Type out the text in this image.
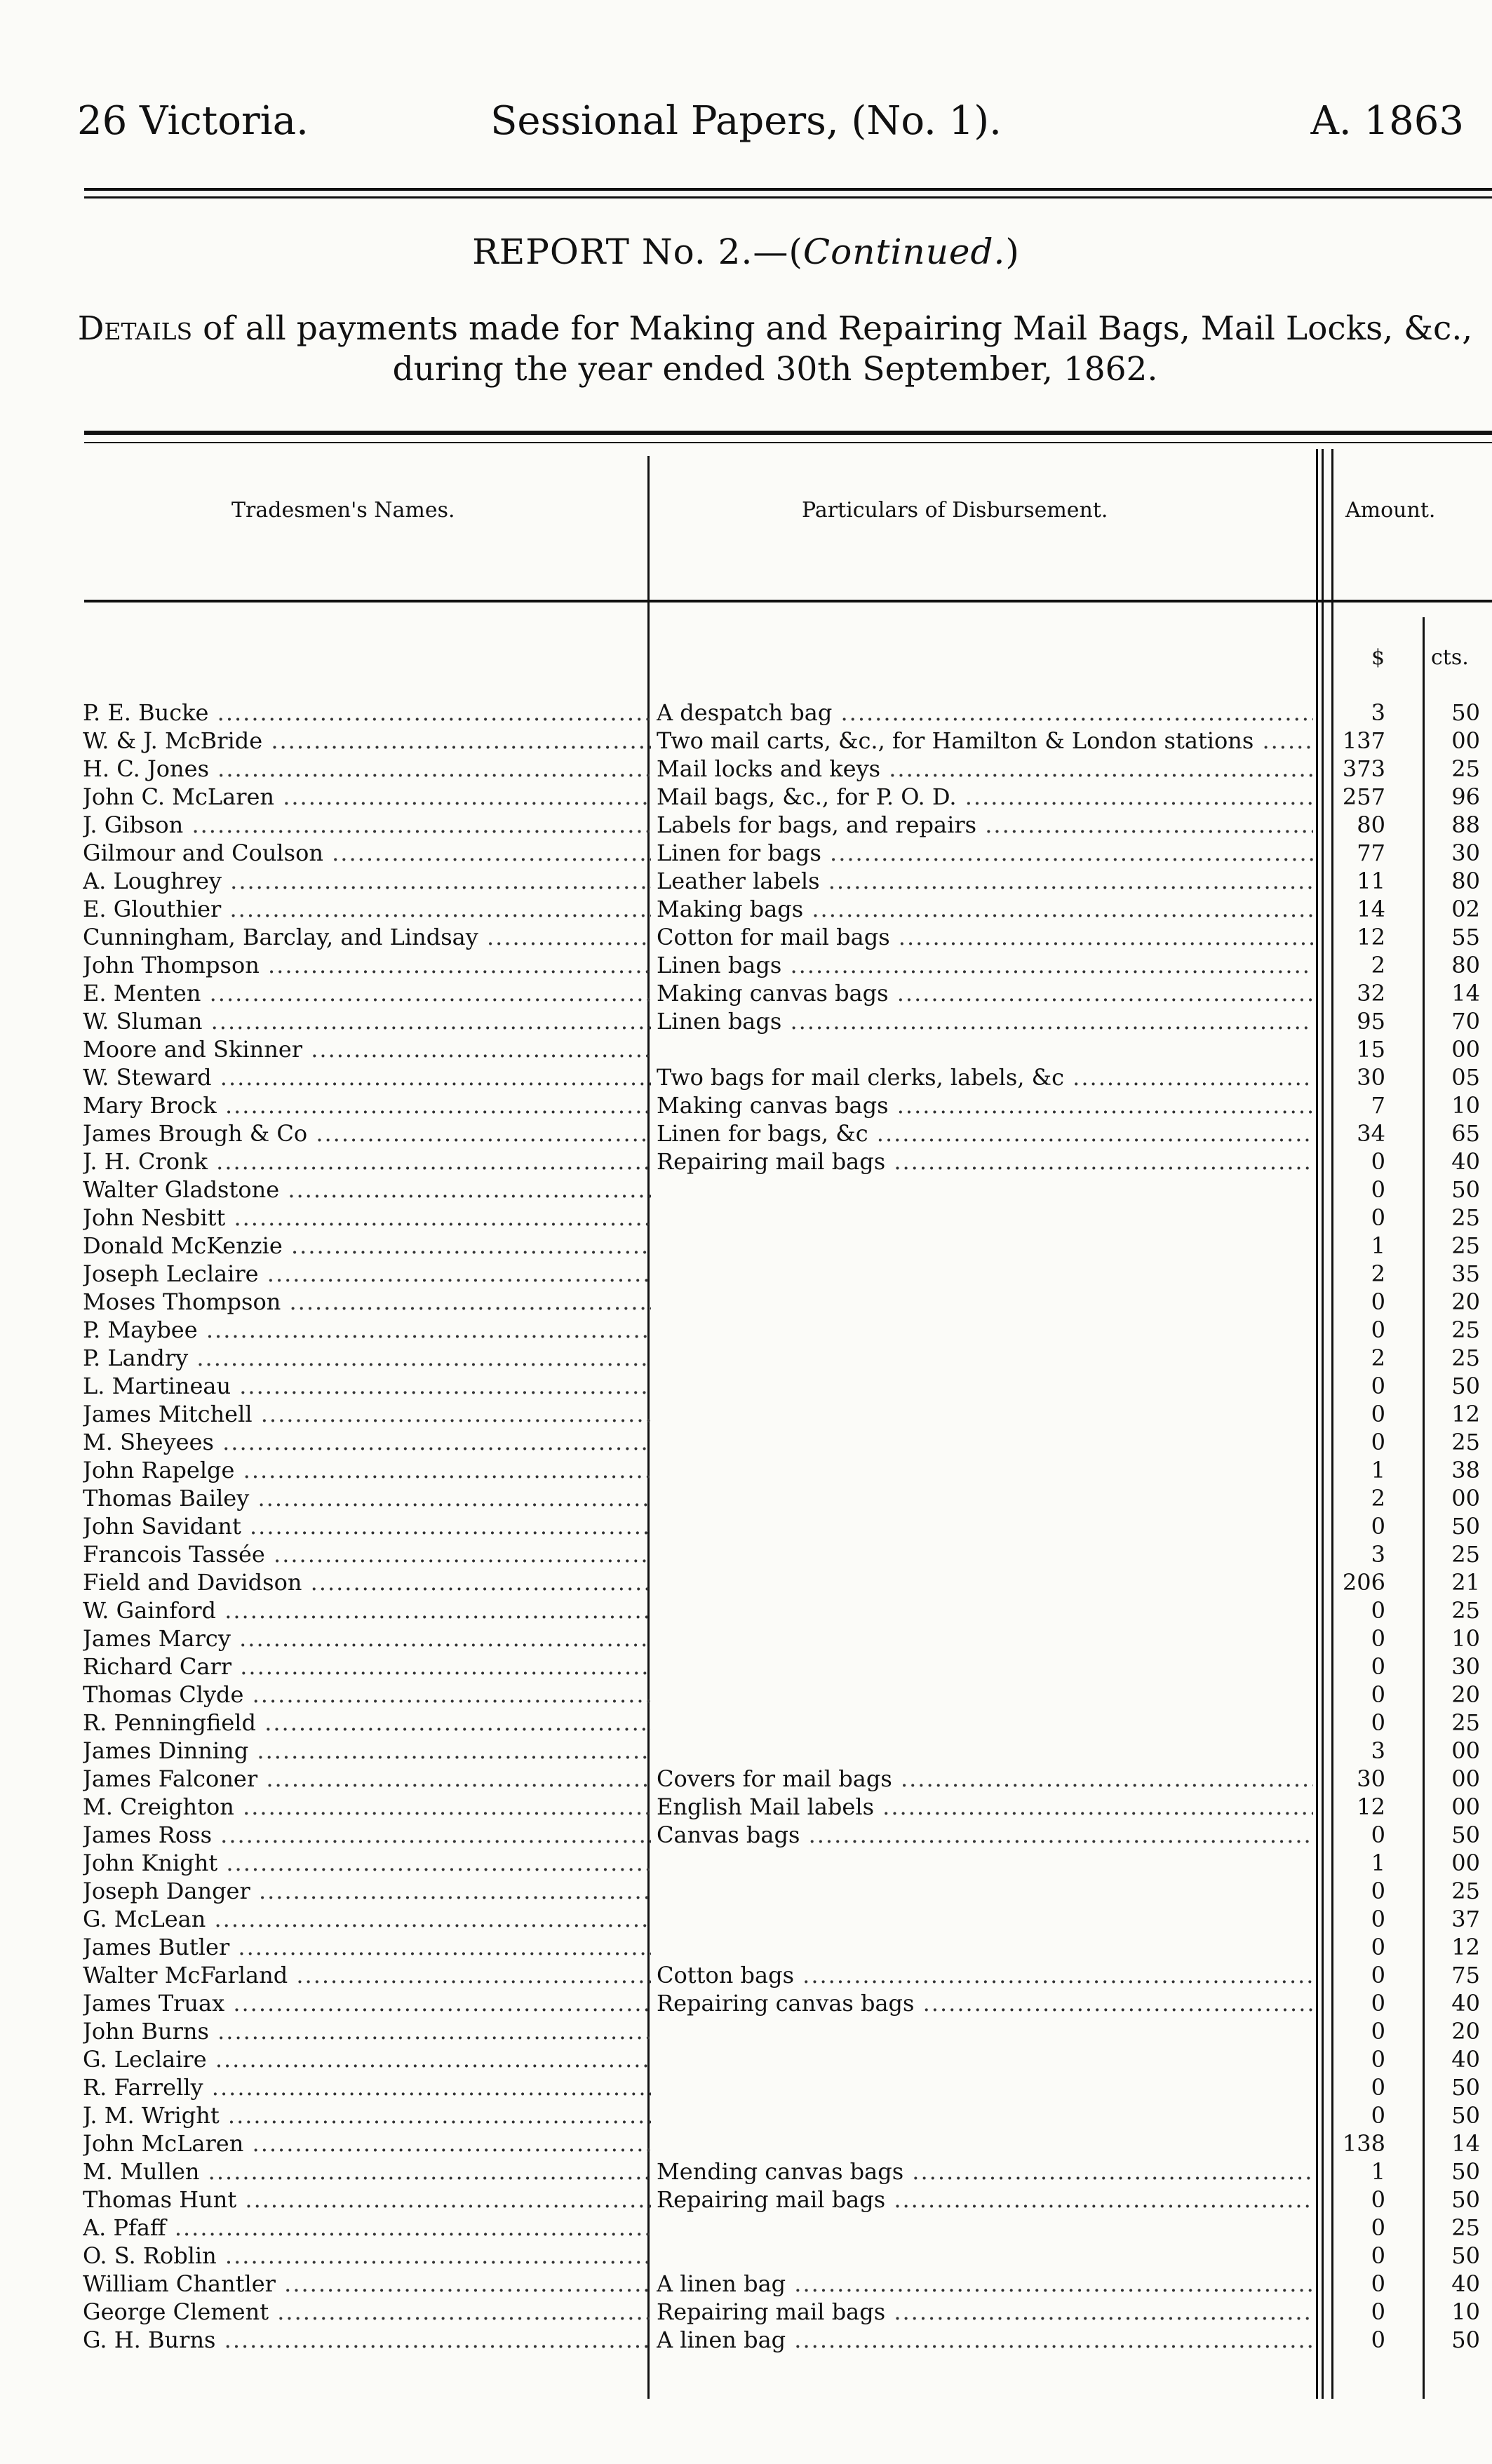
26 Victoria.	Sessional Papers, (No. 1).	A. 1863
REPORT No. 2.—(Continued.)
Details of all payments made for Making and Repairing Mail Bags, Mail Locks, &c., during the year ended 30th September, 1862.
Tradesmen's Names.	Particulars of Disbursement.	Amount.
$ cts.
P. E. Bucke .....	A despatch bag .....	3	50
W. & J. McBride .....	Two mail carts, &c., for Hamilton & London stations .....	137	00
H. C. Jones .....	Mail locks and keys .....	373	25
John C. McLaren .....	Mail bags, &c., for P. O. D. .....	257	96
J. Gibson .....	Labels for bags, and repairs .....	80	88
Gilmour and Coulson .....	Linen for bags .....	77	30
A. Loughrey .....	Leather labels .....	11	80
E. Glouthier .....	Making bags .....	14	02
Cunningham, Barclay, and Lindsay .....	Cotton for mail bags .....	12	55
John Thompson .....	Linen bags .....	2	80
E. Menten .....	Making canvas bags .....	32	14
W. Sluman .....	Linen bags .....	95	70
Moore and Skinner .....	15	00
W. Steward .....	Two bags for mail clerks, labels, &c .....	30	05
Mary Brock .....	Making canvas bags .....	7	10
James Brough & Co .....	Linen for bags, &c .....	34	65
J. H. Cronk .....	Repairing mail bags .....	0	40
Walter Gladstone .....	0	50
John Nesbitt .....	0	25
Donald McKenzie .....	1	25
Joseph Leclaire .....	2	35
Moses Thompson .....	0	20
P. Maybee .....	0	25
P. Landry .....	2	25
L. Martineau .....	0	50
James Mitchell .....	0	12
M. Sheyees .....	0	25
John Rapelge .....	1	38
Thomas Bailey .....	2	00
John Savidant .....	0	50
Francois Tassée .....	3	25
Field and Davidson .....	206	21
W. Gainford .....	0	25
James Marcy .....	0	10
Richard Carr .....	0	30
Thomas Clyde .....	0	20
R. Penningfield .....	0	25
James Dinning .....	3	00
James Falconer .....	Covers for mail bags .....	30	00
M. Creighton .....	English Mail labels .....	12	00
James Ross .....	Canvas bags .....	0	50
John Knight .....	1	00
Joseph Danger .....	0	25
G. McLean .....	0	37
James Butler .....	0	12
Walter McFarland .....	Cotton bags .....	0	75
James Truax .....	Repairing canvas bags .....	0	40
John Burns .....	0	20
G. Leclaire .....	0	40
R. Farrelly .....	0	50
J. M. Wright .....	0	50
John McLaren .....	138	14
M. Mullen .....	Mending canvas bags .....	1	50
Thomas Hunt .....	Repairing mail bags .....	0	50
A. Pfaff .....	0	25
O. S. Roblin .....	0	50
William Chantler .....	A linen bag .....	0	40
George Clement .....	Repairing mail bags .....	0	10
G. H. Burns .....	A linen bag .....	0	50
